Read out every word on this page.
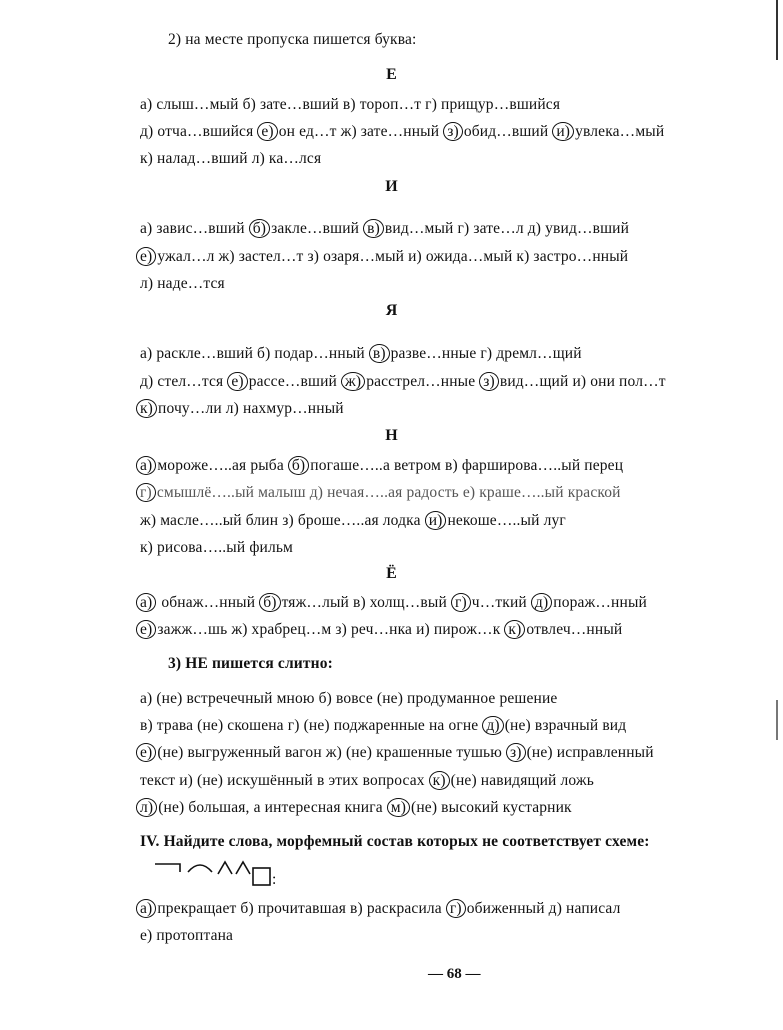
2) на месте пропуска пишется буква:
Е
И
Я
Н
Ё
а) слыш…мый б) зате…вший в) тороп…т г) прищур…вшийся
д) отча…вшийся е) он ед…т ж) зате…нный з) обид…вший и) увлека…мый
к) налад…вший л) ка…лся
а) завис…вший б) закле…вший в) вид…мый г) зате…л д) увид…вший
е) ужал…л ж) застел…т з) озаря…мый и) ожида…мый к) застро…нный
л) наде…тся
а) раскле…вший б) подар…нный в) разве…нные г) дремл…щий
д) стел…тся е) рассе…вший ж) расстрел…нные з) вид…щий и) они пол…т
к) почу…ли л) нахмур…нный
а) мороже…..ая рыба б) погаше…..а ветром в) фарширова…..ый перец
г) смышлё…..ый малыш д) нечая…..ая радость е) краше…..ый краской
ж) масле…..ый блин з) броше…..ая лодка и) некоше…..ый луг
к) рисова…..ый фильм
а) обнаж…нный б) тяж…лый в) холщ…вый г) ч…ткий д) пораж…нный
е) зажж…шь ж) храбрец…м з) реч…нка и) пирож…к к) отвлеч…нный
3) НЕ пишется слитно:
а) (не) встречечный мною б) вовсе (не) продуманное решение
в) трава (не) скошена г) (не) поджаренные на огне д) (не) взрачный вид
е) (не) выгруженный вагон ж) (не) крашенные тушью з) (не) исправленный
текст и) (не) искушённый в этих вопросах к) (не) навидящий ложь
л) (не) большая, а интересная книга м) (не) высокий кустарник
IV. Найдите слова, морфемный состав которых не соответствует схеме:
:
а) прекращает б) прочитавшая в) раскрасила г) обиженный д) написал
е) протоптана
— 68 —
